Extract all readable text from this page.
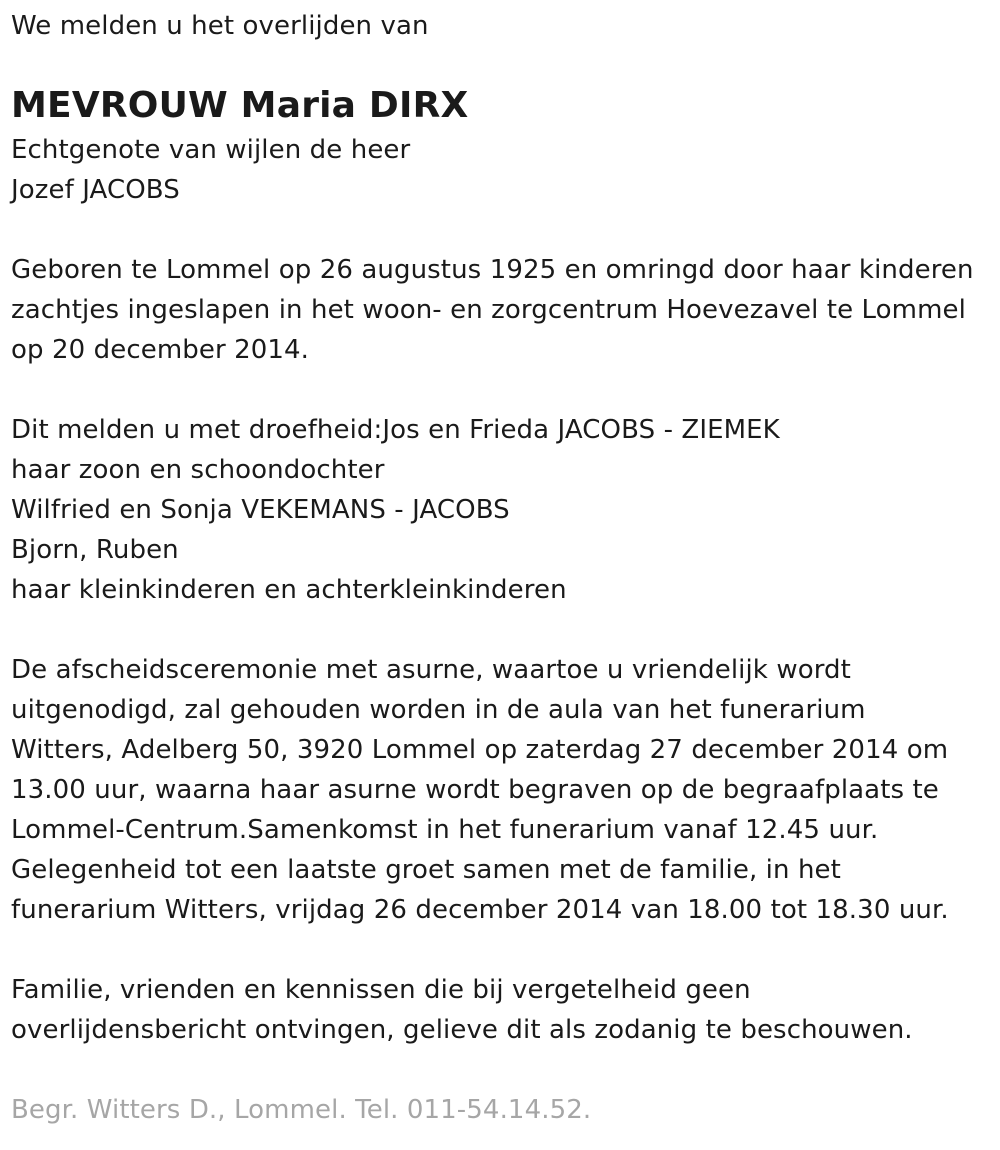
We melden u het overlijden van
MEVROUW Maria DIRX
Echtgenote van wijlen de heer
Jozef JACOBS
Geboren te Lommel op 26 augustus 1925 en omringd door haar kinderen
zachtjes ingeslapen in het woon- en zorgcentrum Hoevezavel te Lommel
op 20 december 2014.
Dit melden u met droefheid:Jos en Frieda JACOBS - ZIEMEK
haar zoon en schoondochter
Wilfried en Sonja VEKEMANS - JACOBS
Bjorn, Ruben
haar kleinkinderen en achterkleinkinderen
De afscheidsceremonie met asurne, waartoe u vriendelijk wordt
uitgenodigd, zal gehouden worden in de aula van het funerarium
Witters, Adelberg 50, 3920 Lommel op zaterdag 27 december 2014 om
13.00 uur, waarna haar asurne wordt begraven op de begraafplaats te
Lommel-Centrum.Samenkomst in het funerarium vanaf 12.45 uur.
Gelegenheid tot een laatste groet samen met de familie, in het
funerarium Witters, vrijdag 26 december 2014 van 18.00 tot 18.30 uur.
Familie, vrienden en kennissen die bij vergetelheid geen
overlijdensbericht ontvingen, gelieve dit als zodanig te beschouwen.
Begr. Witters D., Lommel. Tel. 011-54.14.52.
